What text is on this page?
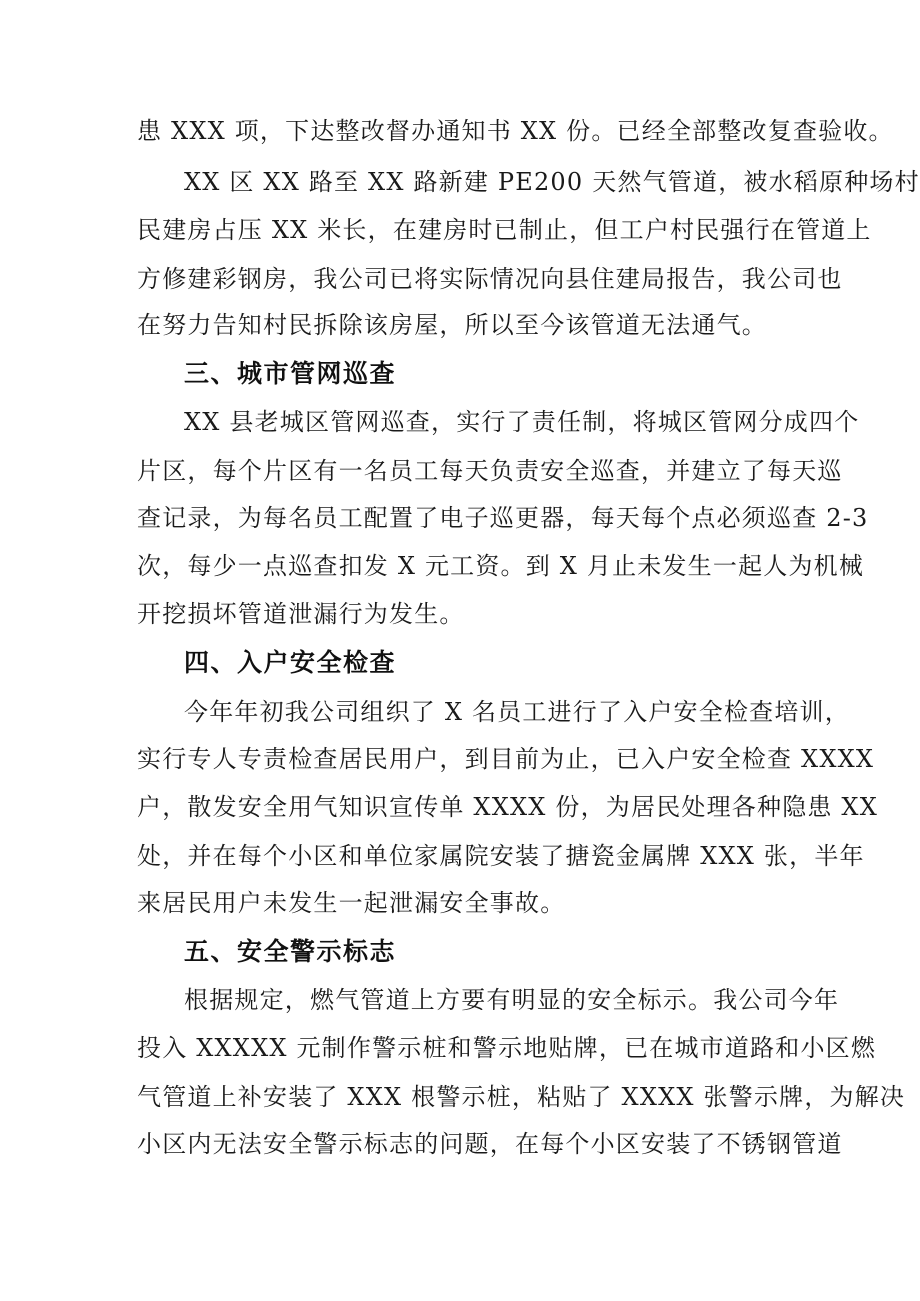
患 XXX 项，下达整改督办通知书 XX 份。已经全部整改复查验收。
XX 区 XX 路至 XX 路新建 PE200 天然气管道，被水稻原种场村
民建房占压 XX 米长，在建房时已制止，但工户村民强行在管道上
方修建彩钢房，我公司已将实际情况向县住建局报告，我公司也
在努力告知村民拆除该房屋，所以至今该管道无法通气。
三、城市管网巡查
XX 县老城区管网巡查，实行了责任制，将城区管网分成四个
片区，每个片区有一名员工每天负责安全巡查，并建立了每天巡
查记录，为每名员工配置了电子巡更器，每天每个点必须巡查 2-3
次，每少一点巡查扣发 X 元工资。到 X 月止未发生一起人为机械
开挖损坏管道泄漏行为发生。
四、入户安全检查
今年年初我公司组织了 X 名员工进行了入户安全检查培训，
实行专人专责检查居民用户，到目前为止，已入户安全检查 XXXX
户，散发安全用气知识宣传单 XXXX 份，为居民处理各种隐患 XX
处，并在每个小区和单位家属院安装了搪瓷金属牌 XXX 张，半年
来居民用户未发生一起泄漏安全事故。
五、安全警示标志
根据规定，燃气管道上方要有明显的安全标示。我公司今年
投入 XXXXX 元制作警示桩和警示地贴牌，已在城市道路和小区燃
气管道上补安装了 XXX 根警示桩，粘贴了 XXXX 张警示牌，为解决
小区内无法安全警示标志的问题，在每个小区安装了不锈钢管道
